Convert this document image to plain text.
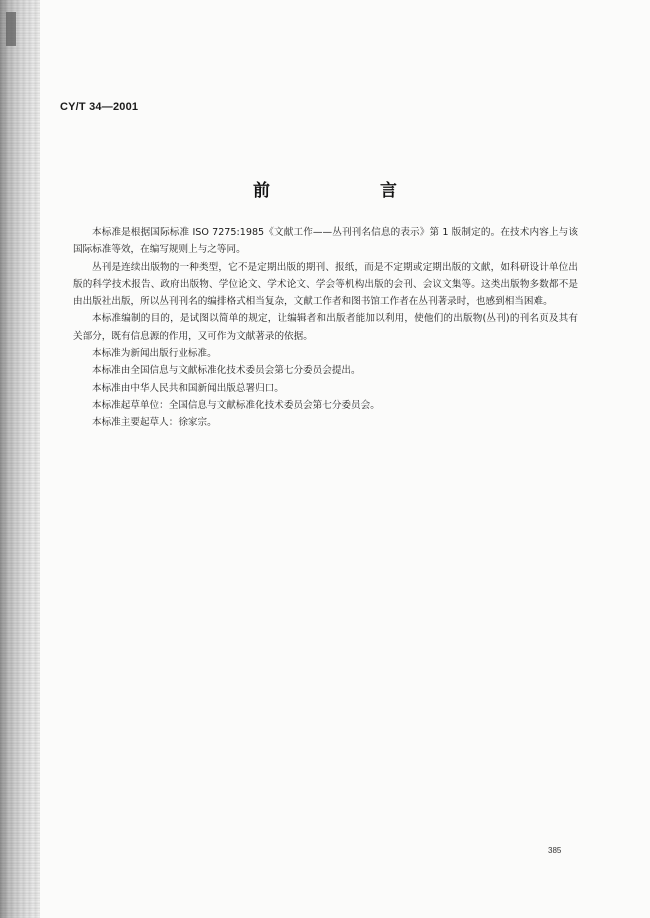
CY/T 34—2001
前 言

本标准是根据国际标准 ISO 7275:1985《文献工作——丛刊刊名信息的表示》第 1 版制定的。在技术内容上与该国际标准等效，在编写规则上与之等同。

丛刊是连续出版物的一种类型，它不是定期出版的期刊、报纸，而是不定期或定期出版的文献，如科研设计单位出版的科学技术报告、政府出版物、学位论文、学术论文、学会等机构出版的会刊、会议文集等。这类出版物多数都不是由出版社出版，所以丛刊刊名的编排格式相当复杂，文献工作者和图书馆工作者在丛刊著录时，也感到相当困难。

本标准编制的目的，是试图以简单的规定，让编辑者和出版者能加以利用，使他们的出版物(丛刊)的刊名页及其有关部分，既有信息源的作用，又可作为文献著录的依据。

本标准为新闻出版行业标准。

本标准由全国信息与文献标准化技术委员会第七分委员会提出。

本标准由中华人民共和国新闻出版总署归口。

本标准起草单位：全国信息与文献标准化技术委员会第七分委员会。

本标准主要起草人：徐家宗。

385
